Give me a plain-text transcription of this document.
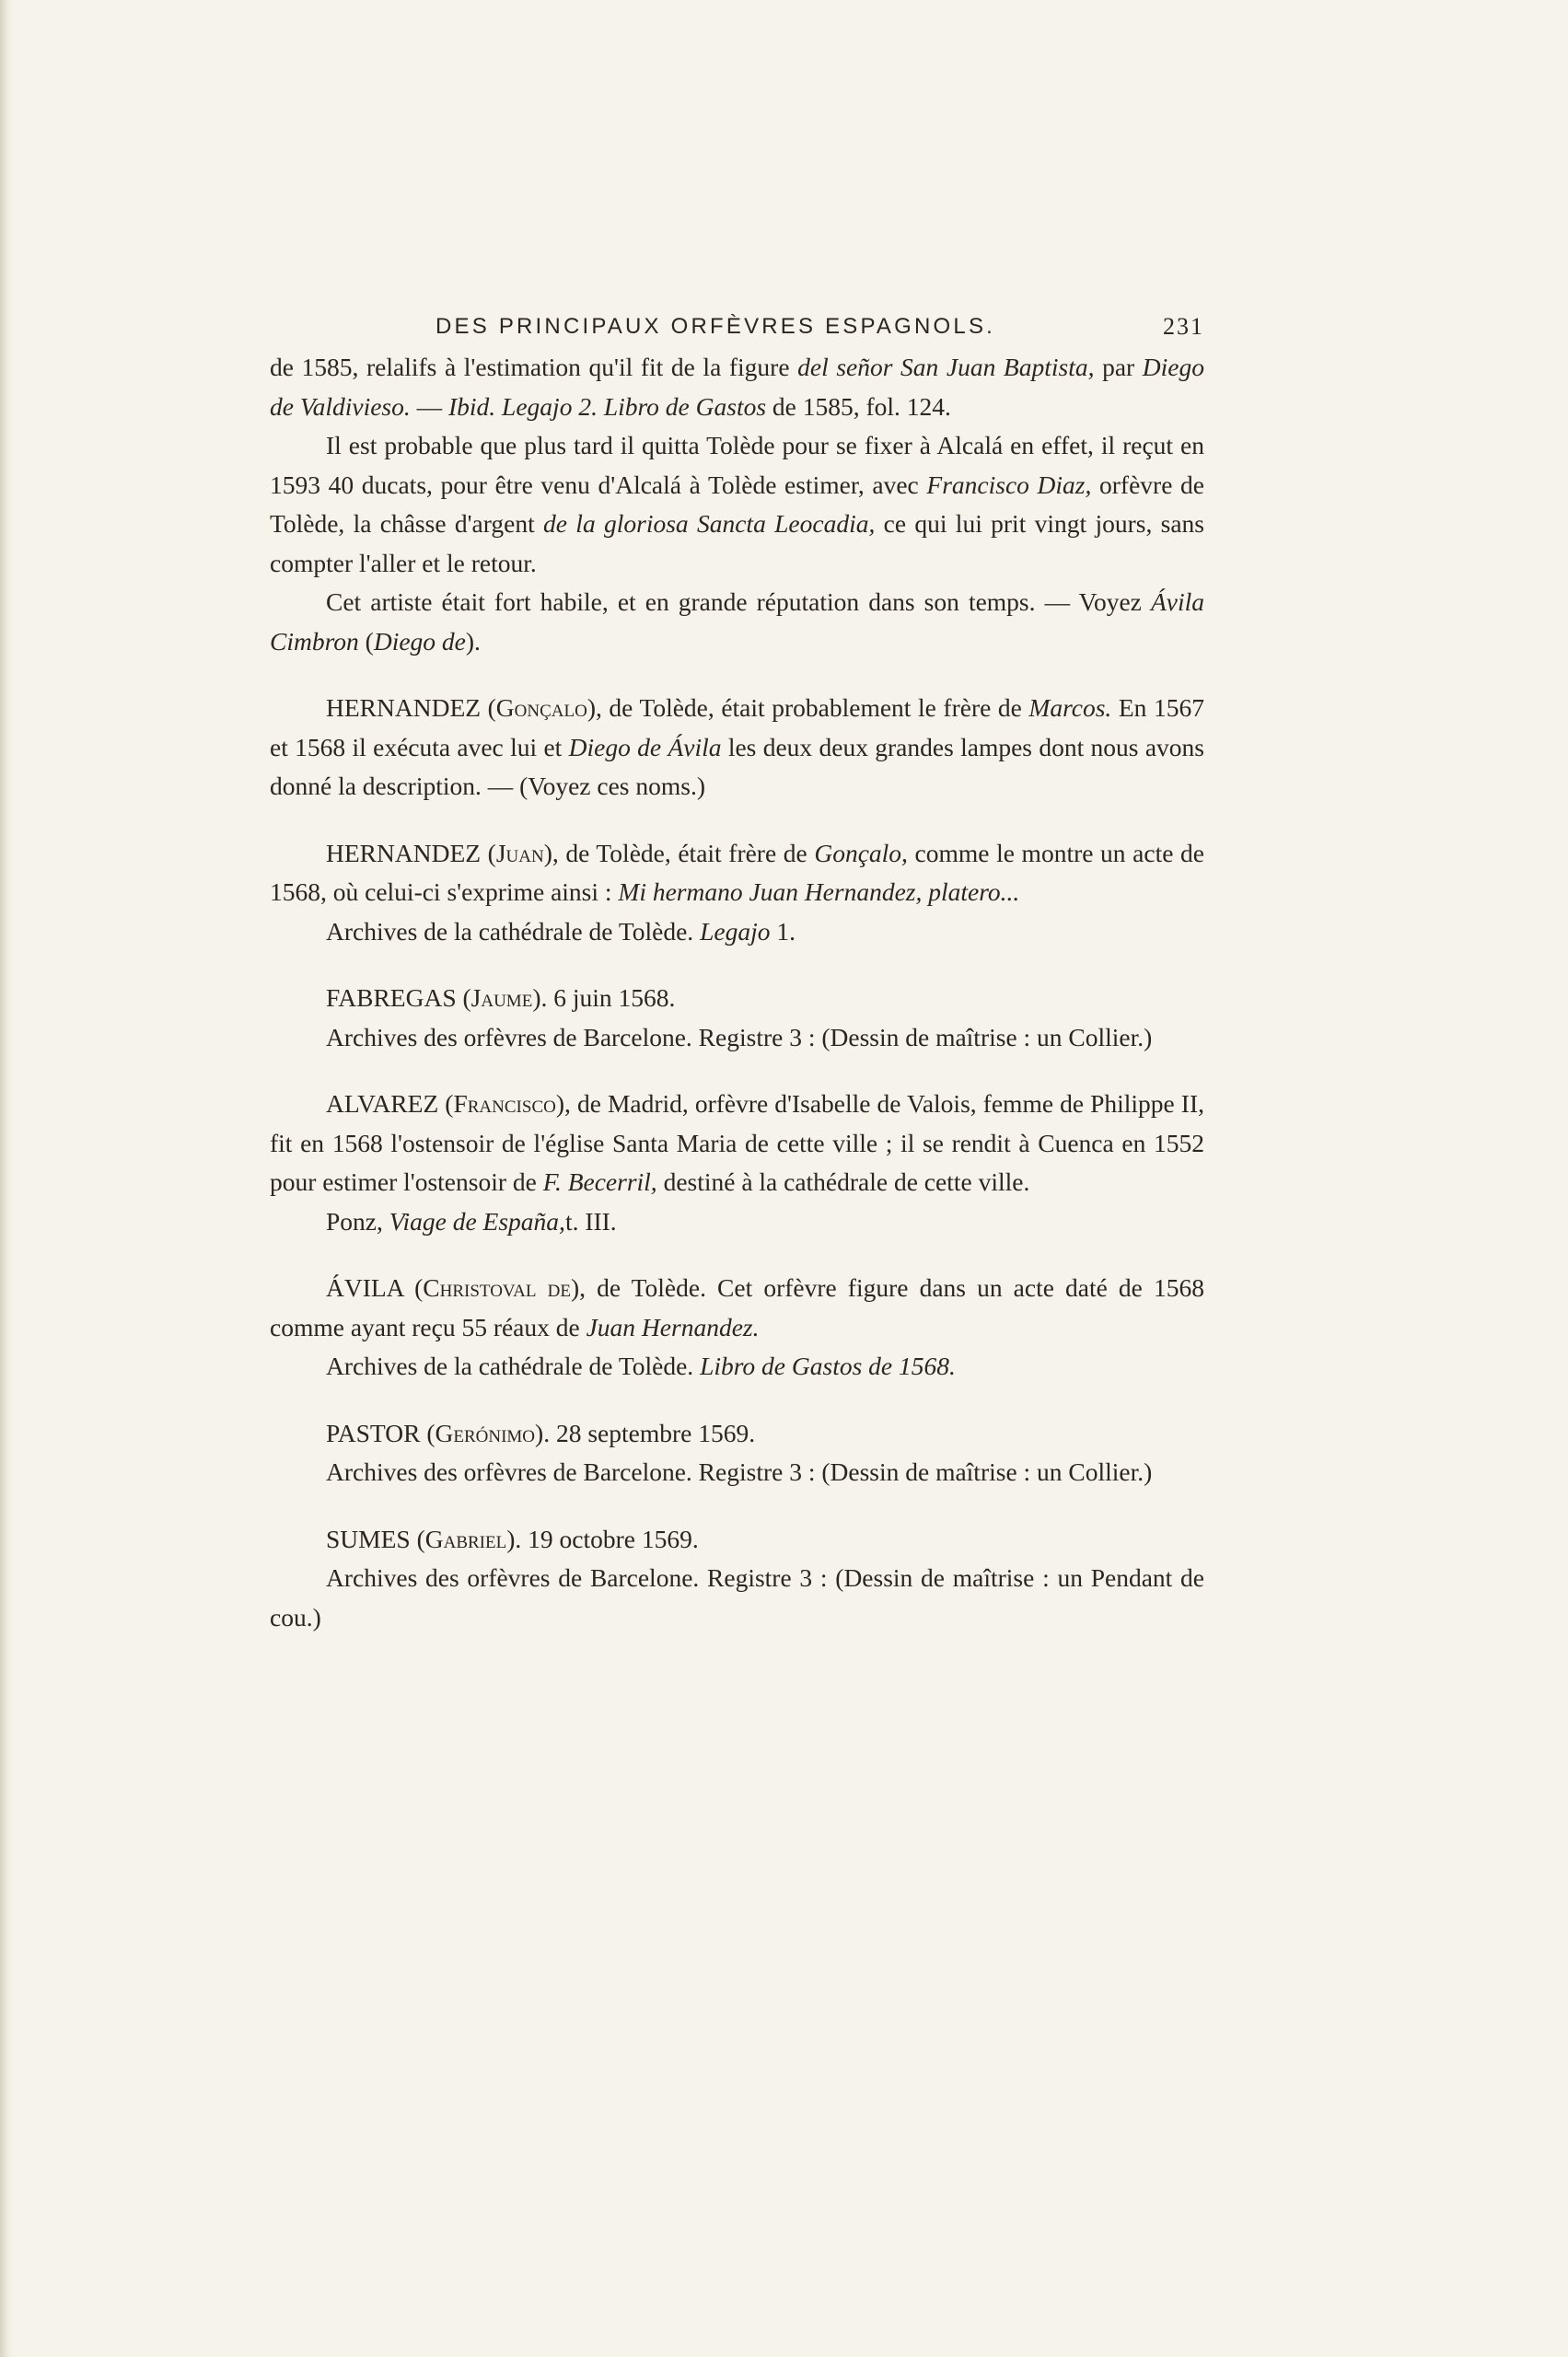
DES PRINCIPAUX ORFÈVRES ESPAGNOLS.	231

de 1585, relalifs à l'estimation qu'il fit de la figure del señor San Juan Baptista, par Diego de Valdivieso. — Ibid. Legajo 2. Libro de Gastos de 1585, fol. 124.

Il est probable que plus tard il quitta Tolède pour se fixer à Alcalá en effet, il reçut en 1593 40 ducats, pour être venu d'Alcalá à Tolède estimer, avec Francisco Diaz, orfèvre de Tolède, la châsse d'argent de la gloriosa Sancta Leocadia, ce qui lui prit vingt jours, sans compter l'aller et le retour.

Cet artiste était fort habile, et en grande réputation dans son temps. — Voyez Ávila Cimbron (Diego de).

HERNANDEZ (Gonçalo), de Tolède, était probablement le frère de Marcos. En 1567 et 1568 il exécuta avec lui et Diego de Ávila les deux deux grandes lampes dont nous avons donné la description. — (Voyez ces noms.)

HERNANDEZ (Juan), de Tolède, était frère de Gonçalo, comme le montre un acte de 1568, où celui-ci s'exprime ainsi : Mi hermano Juan Hernandez, platero...

Archives de la cathédrale de Tolède. Legajo 1.

FABREGAS (Jaume). 6 juin 1568.

Archives des orfèvres de Barcelone. Registre 3 : (Dessin de maîtrise : un Collier.)

ALVAREZ (Francisco), de Madrid, orfèvre d'Isabelle de Valois, femme de Philippe II, fit en 1568 l'ostensoir de l'église Santa Maria de cette ville ; il se rendit à Cuenca en 1552 pour estimer l'ostensoir de F. Becerril, destiné à la cathédrale de cette ville.

Ponz, Viage de España,t. III.

ÁVILA (Christoval de), de Tolède. Cet orfèvre figure dans un acte daté de 1568 comme ayant reçu 55 réaux de Juan Hernandez.

Archives de la cathédrale de Tolède. Libro de Gastos de 1568.

PASTOR (Gerónimo). 28 septembre 1569.

Archives des orfèvres de Barcelone. Registre 3 : (Dessin de maîtrise : un Collier.)

SUMES (Gabriel). 19 octobre 1569.

Archives des orfèvres de Barcelone. Registre 3 : (Dessin de maîtrise : un Pendant de cou.)
